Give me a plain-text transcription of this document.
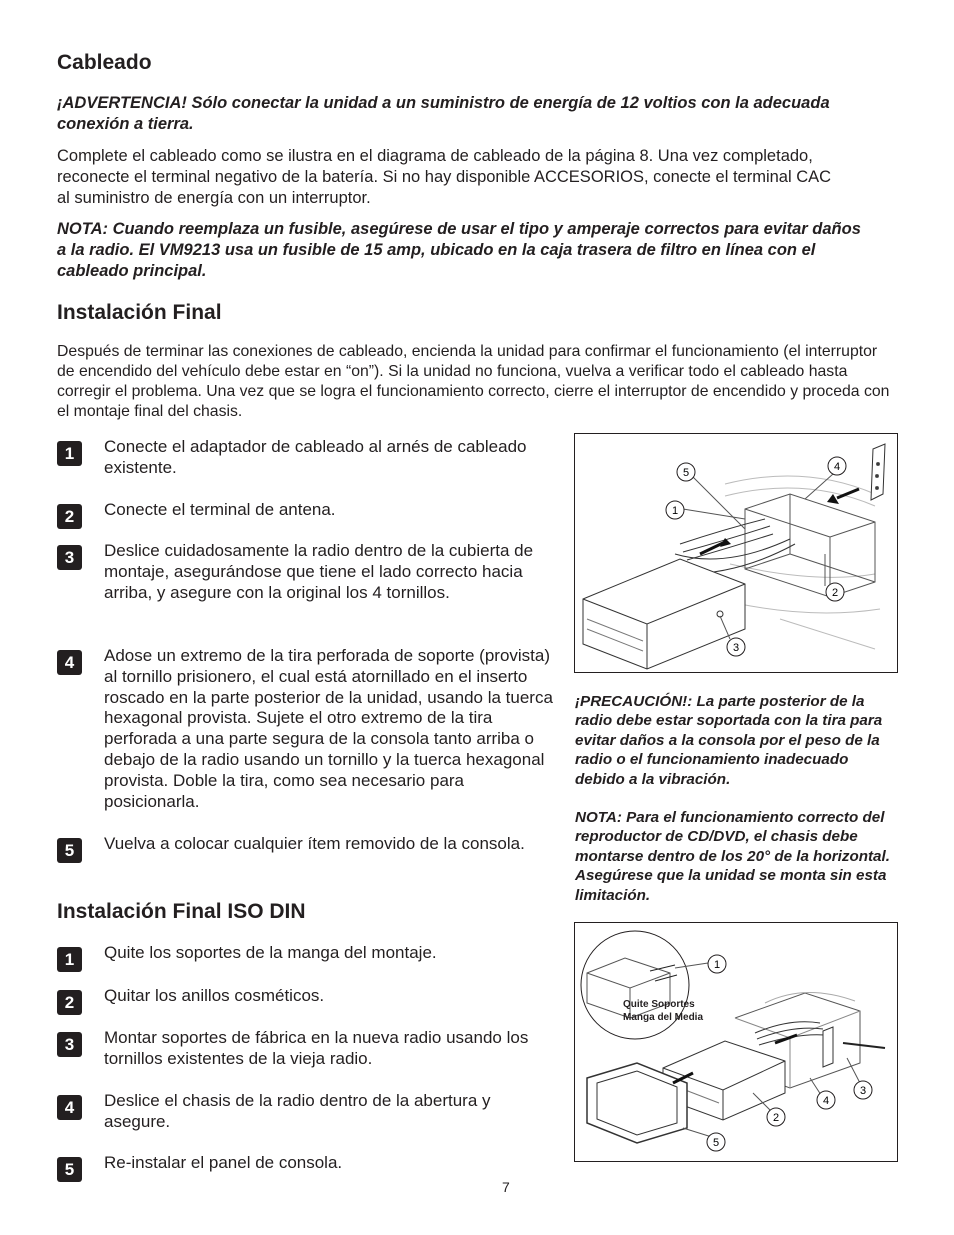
Cableado

¡ADVERTENCIA! Sólo conectar la unidad a un suministro de energía de 12 voltios con la adecuada conexión a tierra.

Complete el cableado como se ilustra en el diagrama de cableado de la página 8. Una vez completado, reconecte el terminal negativo de la batería. Si no hay disponible ACCESORIOS, conecte el terminal CAC al suministro de energía con un interruptor.

NOTA: Cuando reemplaza un fusible, asegúrese de usar el tipo y amperaje correctos para evitar daños a la radio. El VM9213 usa un fusible de 15 amp, ubicado en la caja trasera de filtro en línea con el cableado principal.

Instalación Final

Después de terminar las conexiones de cableado, encienda la unidad para confirmar el funcionamiento (el interruptor de encendido del vehículo debe estar en “on”). Si la unidad no funciona, vuelva a verificar todo el cableado hasta corregir el problema. Una vez que se logra el funcionamiento correcto, cierre el interruptor de encendido y proceda con el montaje final del chasis.

1	Conecte el adaptador de cableado al arnés de cableado existente.
2	Conecte el terminal de antena.
3	Deslice cuidadosamente la radio dentro de la cubierta de montaje, asegurándose que tiene el lado correcto hacia arriba, y asegure con la original los 4 tornillos.
4	Adose un extremo de la tira perforada de soporte (provista) al tornillo prisionero, el cual está atornillado en el inserto roscado en la parte posterior de la unidad, usando la tuerca hexagonal provista. Sujete el otro extremo de la tira perforada a una parte segura de la consola tanto arriba o debajo de la radio usando un tornillo y la tuerca hexagonal provista. Doble la tira, como sea necesario para posicionarla.
5	Vuelva a colocar cualquier ítem removido de la consola.
5	4
1
2
3

¡PRECAUCIÓN!: La parte posterior de la radio debe estar soportada con la tira para evitar daños a la consola por el peso de la radio o el funcionamiento inadecuado debido a la vibración.

NOTA: Para el funcionamiento correcto del reproductor de CD/DVD, el chasis debe montarse dentro de los 20° de la horizontal. Asegúrese que la unidad se monta sin esta limitación.

Instalación Final ISO DIN
1	Quite los soportes de la manga del montaje.
2	Quitar los anillos cosméticos.
3	Montar soportes de fábrica en la nueva radio usando los tornillos existentes de la vieja radio.
4	Deslice el chasis de la radio dentro de la abertura y asegure.
5	Re-instalar el panel de consola.
Quite Soportes
Manga del Media
1
3
4
2
5
7
